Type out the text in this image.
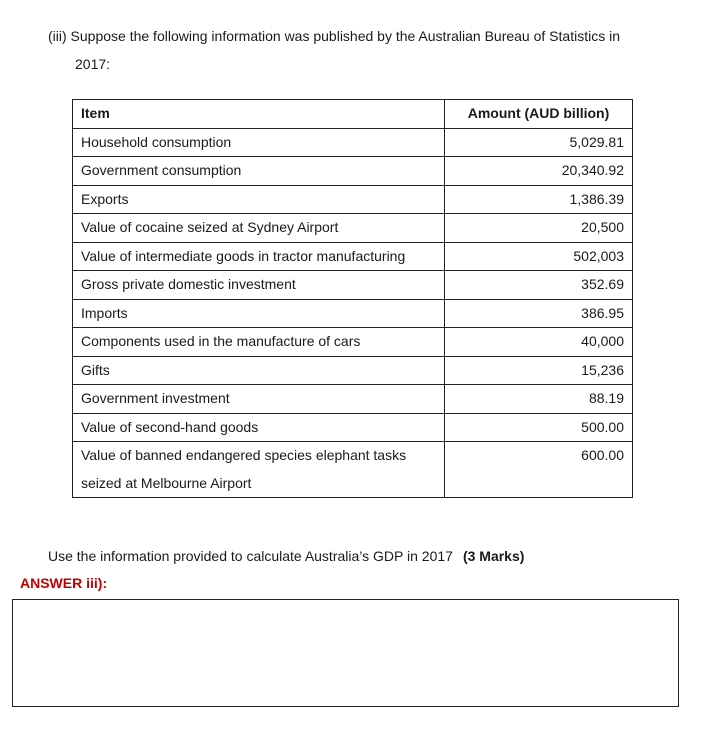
(iii) Suppose the following information was published by the Australian Bureau of Statistics in
2017:
Item	Amount (AUD billion)
Household consumption	5,029.81
Government consumption	20,340.92
Exports	1,386.39
Value of cocaine seized at Sydney Airport	20,500
Value of intermediate goods in tractor manufacturing	502,003
Gross private domestic investment	352.69
Imports	386.95
Components used in the manufacture of cars	40,000
Gifts	15,236
Government investment	88.19
Value of second-hand goods	500.00
Value of banned endangered species elephant tasks seized at Melbourne Airport	600.00
Use the information provided to calculate Australia’s GDP in 2017 (3 Marks)
ANSWER iii):
